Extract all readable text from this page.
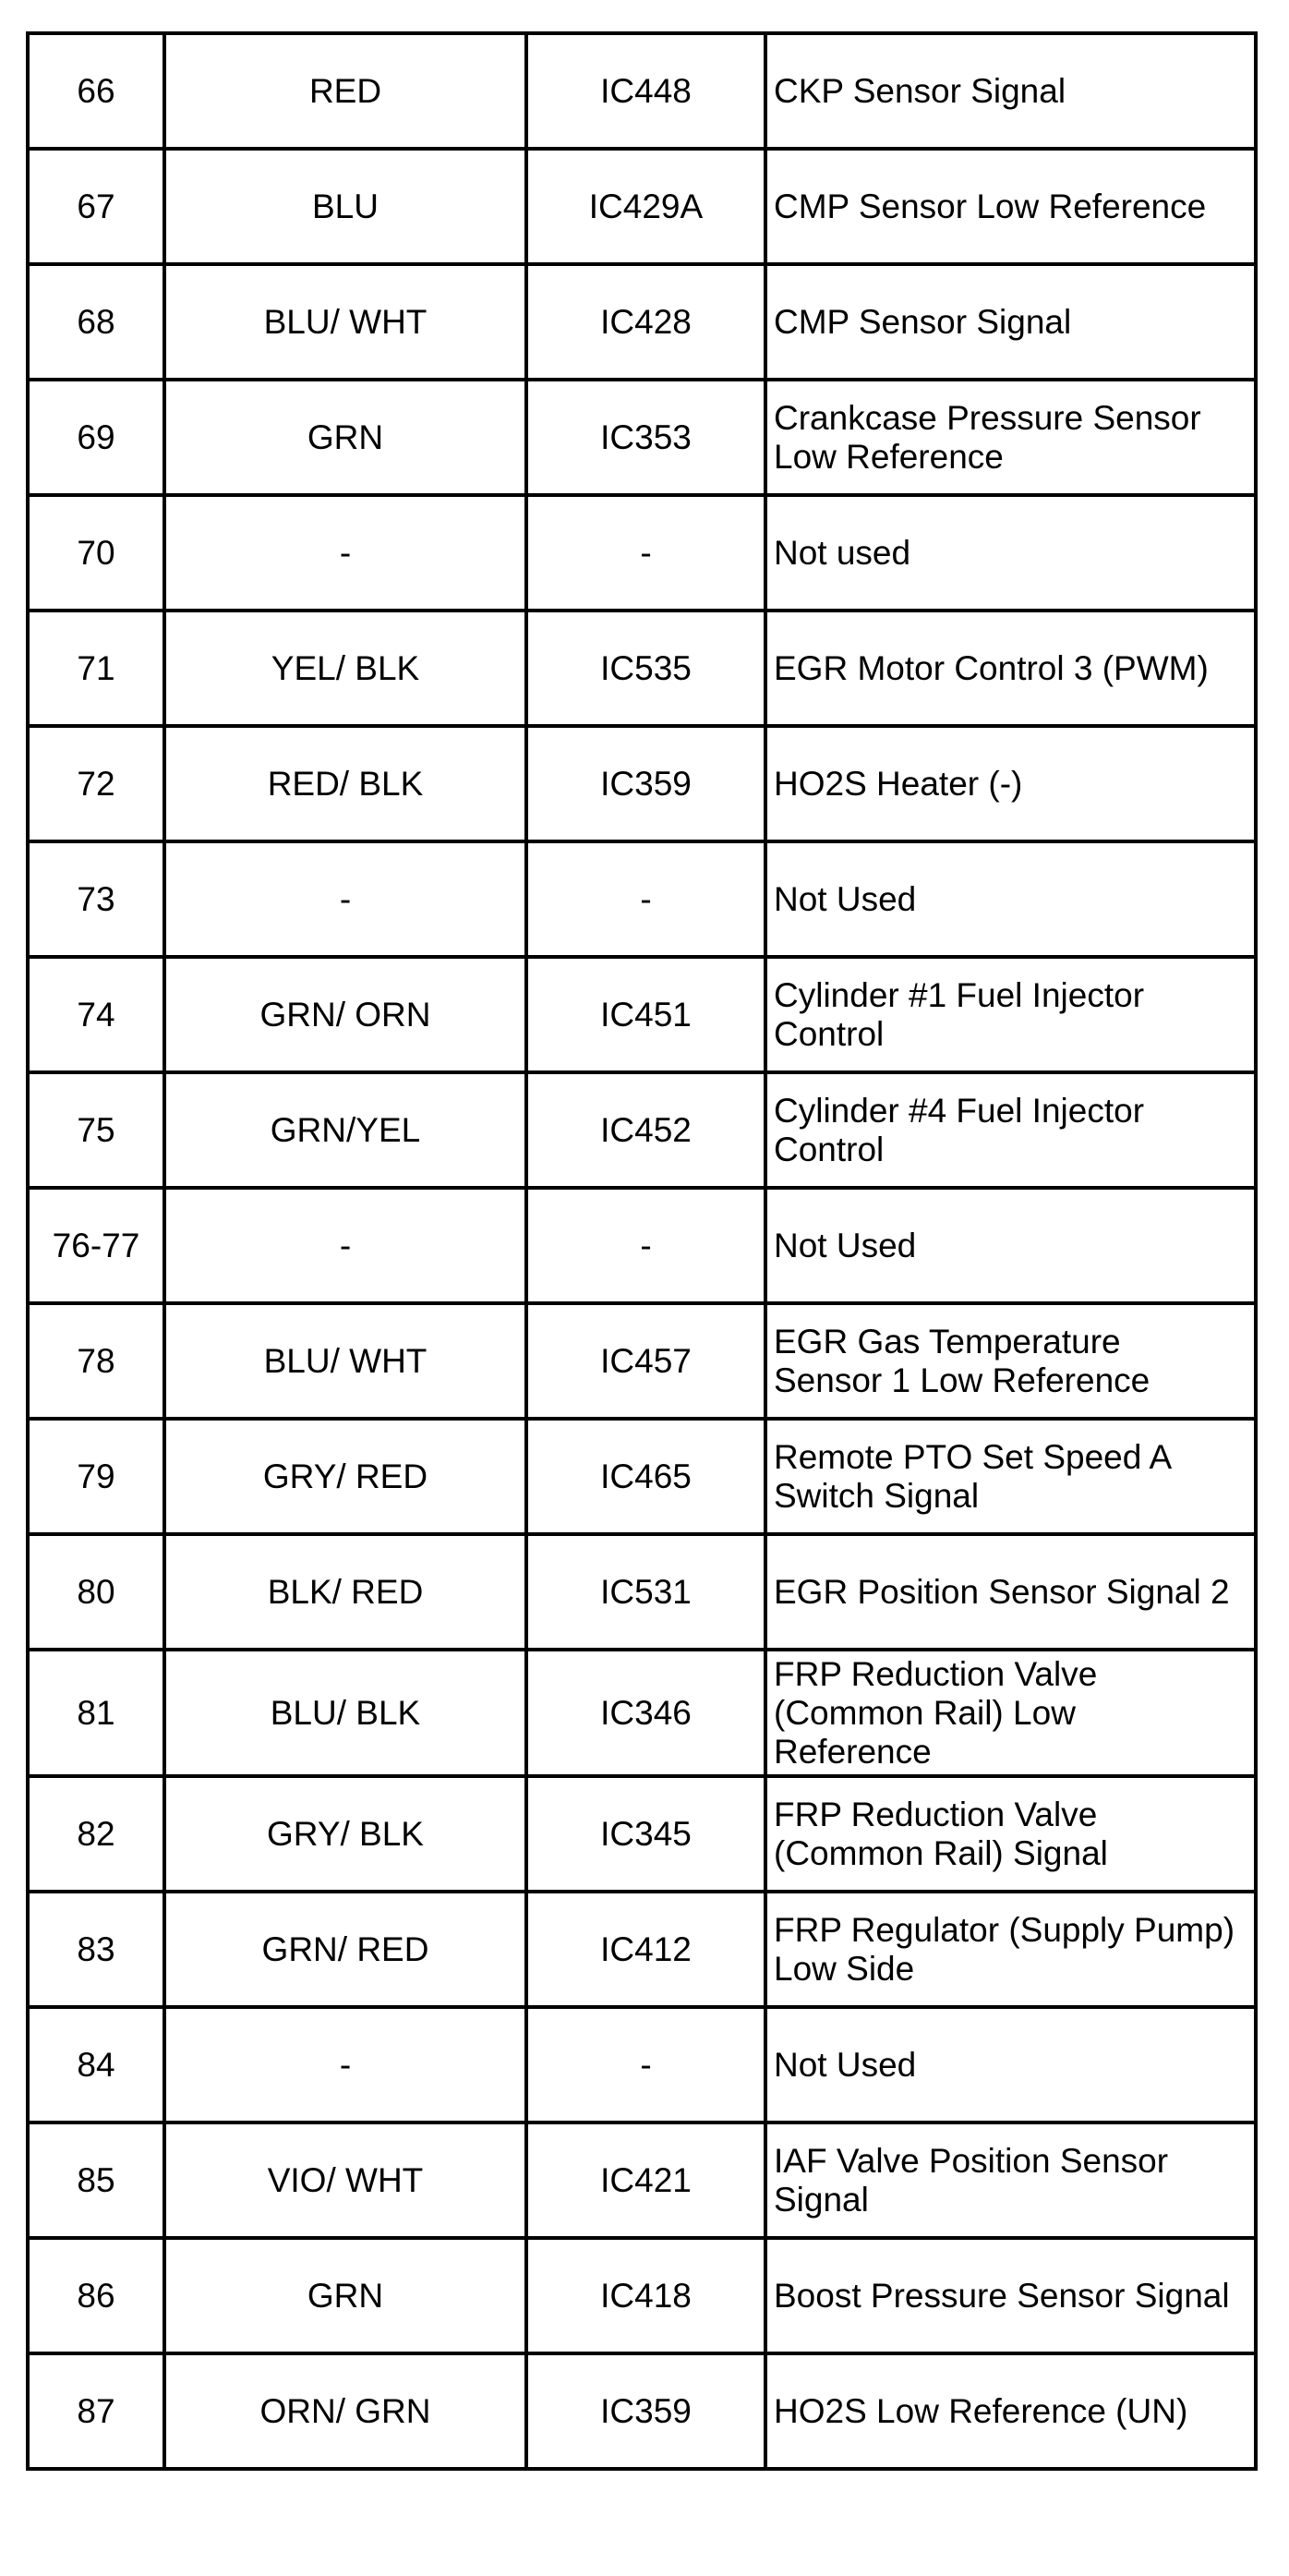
66	RED	IC448	CKP Sensor Signal
67	BLU	IC429A	CMP Sensor Low Reference
68	BLU/ WHT	IC428	CMP Sensor Signal
69	GRN	IC353	Crankcase Pressure Sensor
Low Reference
70	-	-	Not used
71	YEL/ BLK	IC535	EGR Motor Control 3 (PWM)
72	RED/ BLK	IC359	HO2S Heater (-)
73	-	-	Not Used
74	GRN/ ORN	IC451	Cylinder #1 Fuel Injector
Control
75	GRN/YEL	IC452	Cylinder #4 Fuel Injector
Control
76-77	-	-	Not Used
78	BLU/ WHT	IC457	EGR Gas Temperature
Sensor 1 Low Reference
79	GRY/ RED	IC465	Remote PTO Set Speed A
Switch Signal
80	BLK/ RED	IC531	EGR Position Sensor Signal 2
81	BLU/ BLK	IC346	FRP Reduction Valve
(Common Rail) Low
Reference
82	GRY/ BLK	IC345	FRP Reduction Valve
(Common Rail) Signal
83	GRN/ RED	IC412	FRP Regulator (Supply Pump)
Low Side
84	-	-	Not Used
85	VIO/ WHT	IC421	IAF Valve Position Sensor
Signal
86	GRN	IC418	Boost Pressure Sensor Signal
87	ORN/ GRN	IC359	HO2S Low Reference (UN)
